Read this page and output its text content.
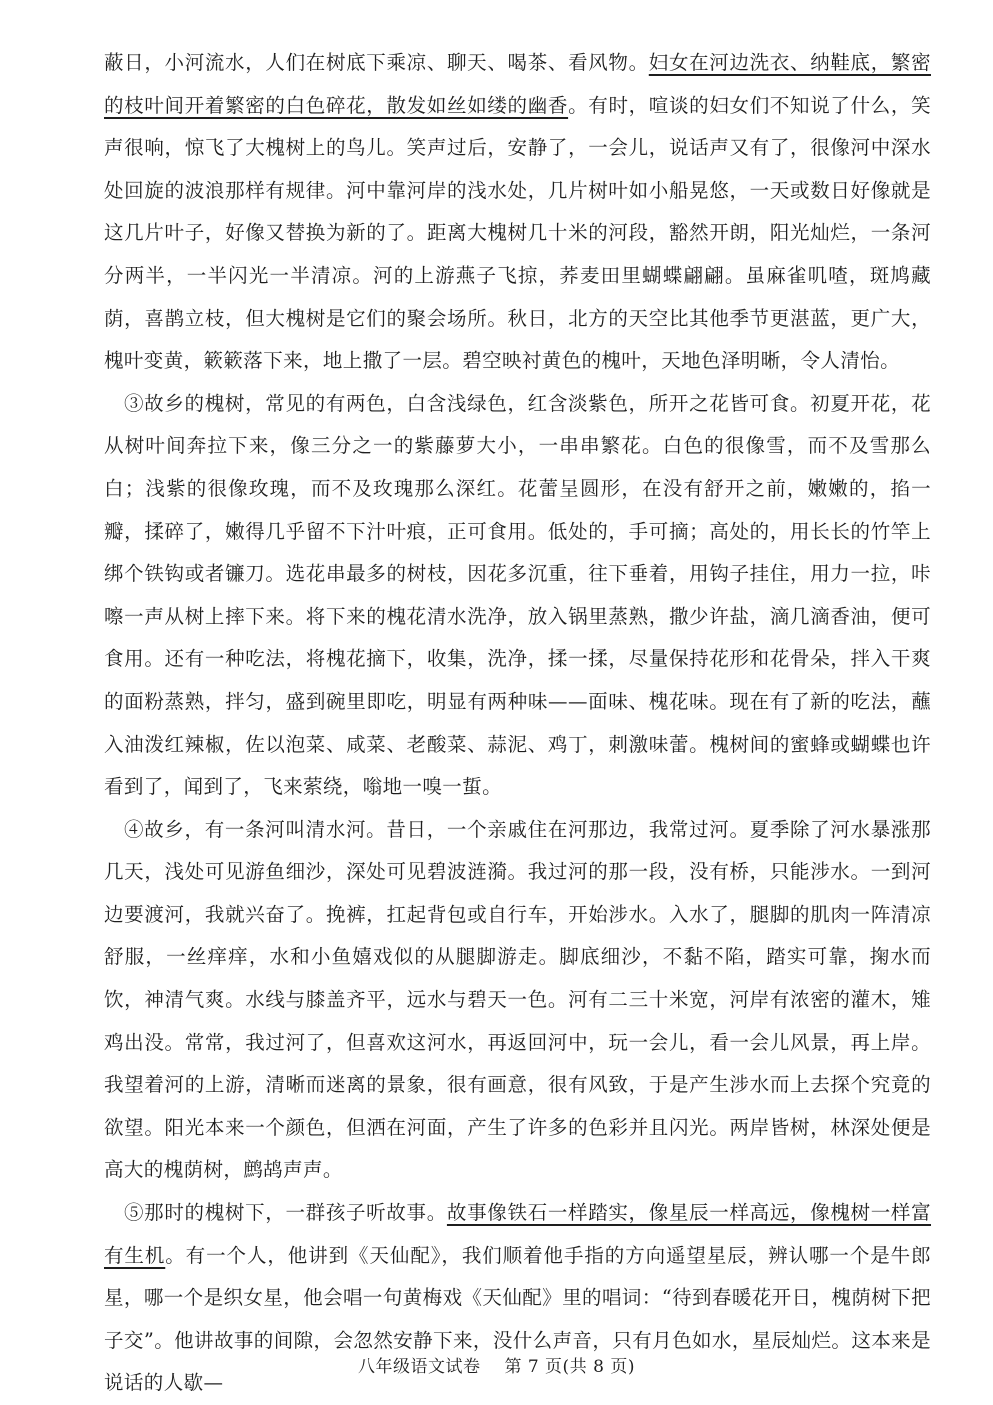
蔽日，小河流水，人们在树底下乘凉、聊天、喝茶、看风物。妇女在河边洗衣、纳鞋底，繁密的枝叶间开着繁密的白色碎花，散发如丝如缕的幽香。有时，喧谈的妇女们不知说了什么，笑声很响，惊飞了大槐树上的鸟儿。笑声过后，安静了，一会儿，说话声又有了，很像河中深水处回旋的波浪那样有规律。河中靠河岸的浅水处，几片树叶如小船晃悠，一天或数日好像就是这几片叶子，好像又替换为新的了。距离大槐树几十米的河段，豁然开朗，阳光灿烂，一条河分两半，一半闪光一半清凉。河的上游燕子飞掠，荞麦田里蝴蝶翩翩。虽麻雀叽喳，斑鸠藏荫，喜鹊立枝，但大槐树是它们的聚会场所。秋日，北方的天空比其他季节更湛蓝，更广大，槐叶变黄，簌簌落下来，地上撒了一层。碧空映衬黄色的槐叶，天地色泽明晰，令人清怡。

③故乡的槐树，常见的有两色，白含浅绿色，红含淡紫色，所开之花皆可食。初夏开花，花从树叶间奔拉下来，像三分之一的紫藤萝大小，一串串繁花。白色的很像雪，而不及雪那么白；浅紫的很像玫瑰，而不及玫瑰那么深红。花蕾呈圆形，在没有舒开之前，嫩嫩的，掐一瓣，揉碎了，嫩得几乎留不下汁叶痕，正可食用。低处的，手可摘；高处的，用长长的竹竿上绑个铁钩或者镰刀。选花串最多的树枝，因花多沉重，往下垂着，用钩子挂住，用力一拉，咔嚓一声从树上摔下来。将下来的槐花清水洗净，放入锅里蒸熟，撒少许盐，滴几滴香油，便可食用。还有一种吃法，将槐花摘下，收集，洗净，揉一揉，尽量保持花形和花骨朵，拌入干爽的面粉蒸熟，拌匀，盛到碗里即吃，明显有两种味——面味、槐花味。现在有了新的吃法，蘸入油泼红辣椒，佐以泡菜、咸菜、老酸菜、蒜泥、鸡丁，刺激味蕾。槐树间的蜜蜂或蝴蝶也许看到了，闻到了，飞来萦绕，嗡地一嗅一蜇。

④故乡，有一条河叫清水河。昔日，一个亲戚住在河那边，我常过河。夏季除了河水暴涨那几天，浅处可见游鱼细沙，深处可见碧波涟漪。我过河的那一段，没有桥，只能涉水。一到河边要渡河，我就兴奋了。挽裤，扛起背包或自行车，开始涉水。入水了，腿脚的肌肉一阵清凉舒服，一丝痒痒，水和小鱼嬉戏似的从腿脚游走。脚底细沙，不黏不陷，踏实可靠，掬水而饮，神清气爽。水线与膝盖齐平，远水与碧天一色。河有二三十米宽，河岸有浓密的灌木，雉鸡出没。常常，我过河了，但喜欢这河水，再返回河中，玩一会儿，看一会儿风景，再上岸。我望着河的上游，清晰而迷离的景象，很有画意，很有风致，于是产生涉水而上去探个究竟的欲望。阳光本来一个颜色，但洒在河面，产生了许多的色彩并且闪光。两岸皆树，林深处便是高大的槐荫树，鹧鸪声声。

⑤那时的槐树下，一群孩子听故事。故事像铁石一样踏实，像星辰一样高远，像槐树一样富有生机。有一个人，他讲到《天仙配》，我们顺着他手指的方向遥望星辰，辨认哪一个是牛郎星，哪一个是织女星，他会唱一句黄梅戏《天仙配》里的唱词：“待到春暖花开日，槐荫树下把子交”。他讲故事的间隙，会忽然安静下来，没什么声音，只有月色如水，星辰灿烂。这本来是说话的人歇—

八年级语文试卷 第 7 页(共 8 页)
